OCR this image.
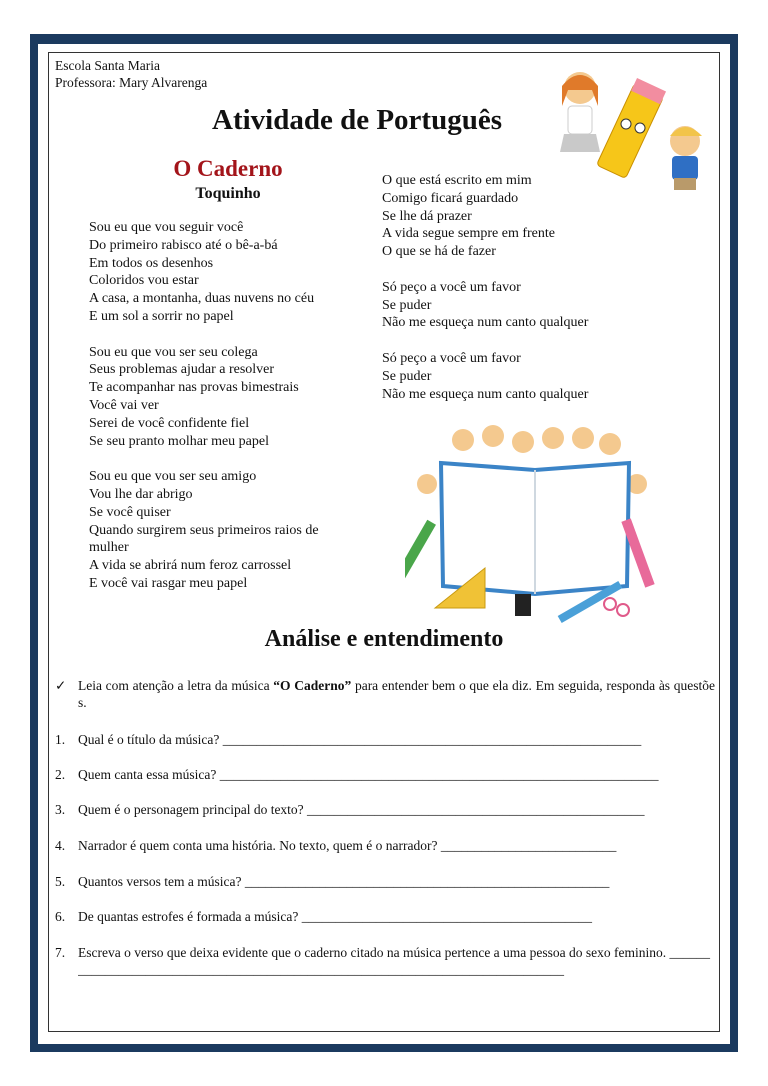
Escola Santa Maria
Professora: Mary Alvarenga
Atividade de Português
O Caderno
Toquinho
Sou eu que vou seguir você
Do primeiro rabisco até o bê-a-bá
Em todos os desenhos
Coloridos vou estar
A casa, a montanha, duas nuvens no céu
E um sol a sorrir no papel
Sou eu que vou ser seu colega
Seus problemas ajudar a resolver
Te acompanhar nas provas bimestrais
Você vai ver
Serei de você confidente fiel
Se seu pranto molhar meu papel
Sou eu que vou ser seu amigo
Vou lhe dar abrigo
Se você quiser
Quando surgirem seus primeiros raios de
mulher
A vida se abrirá num feroz carrossel
E você vai rasgar meu papel
O que está escrito em mim
Comigo ficará guardado
Se lhe dá prazer
A vida segue sempre em frente
O que se há de fazer
Só peço a você um favor
Se puder
Não me esqueça num canto qualquer
Só peço a você um favor
Se puder
Não me esqueça num canto qualquer
Análise e entendimento
✓ Leia com atenção a letra da música “O Caderno” para entender bem o que ela diz. Em seguida, responda às questões.
1. Qual é o título da música? ______________________________________________________________
2. Quem canta essa música? _________________________________________________________________
3. Quem é o personagem principal do texto? __________________________________________________
4. Narrador é quem conta uma história. No texto, quem é o narrador? __________________________
5. Quantos versos tem a música? ______________________________________________________
6. De quantas estrofes é formada a música? ___________________________________________
7. Escreva o verso que deixa evidente que o caderno citado na música pertence a uma pessoa do sexo feminino. ______________________________________________________________________________
